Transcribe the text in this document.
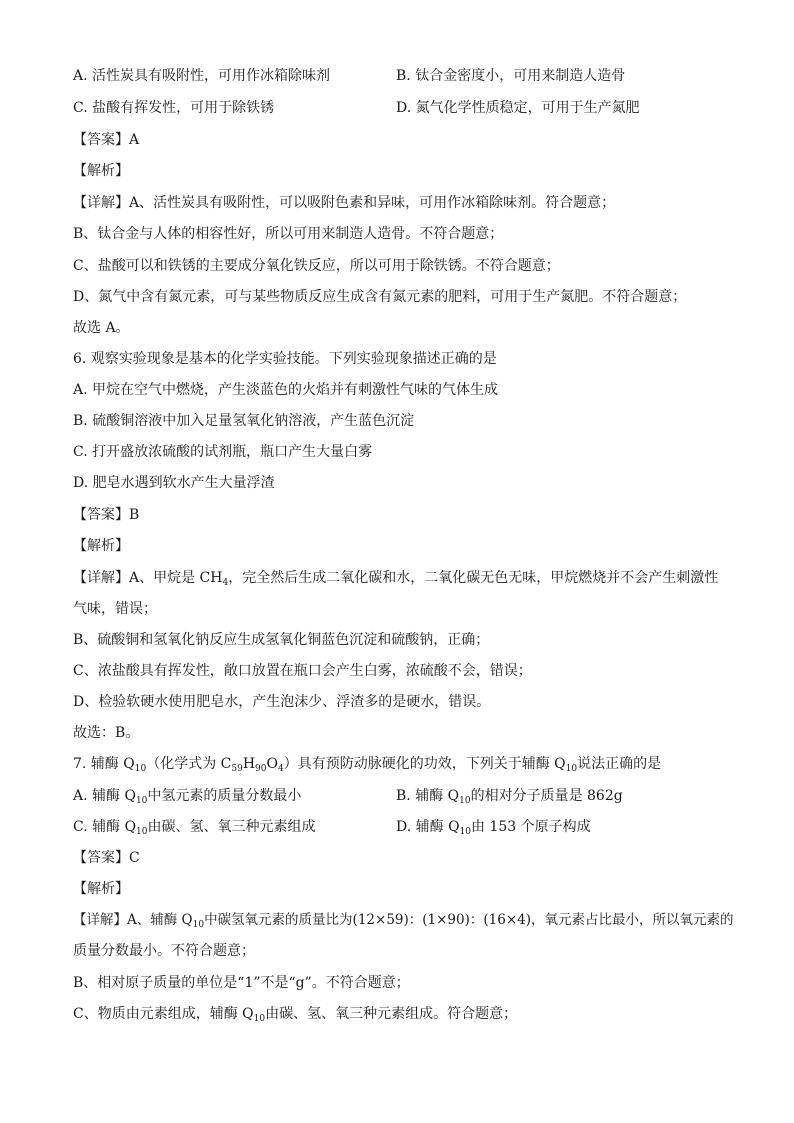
A. 活性炭具有吸附性，可用作冰箱除味剂	B. 钛合金密度小，可用来制造人造骨
C. 盐酸有挥发性，可用于除铁锈	D. 氮气化学性质稳定，可用于生产氮肥
【答案】A
【解析】
【详解】A、活性炭具有吸附性，可以吸附色素和异味，可用作冰箱除味剂。符合题意；
B、钛合金与人体的相容性好，所以可用来制造人造骨。不符合题意；
C、盐酸可以和铁锈的主要成分氧化铁反应，所以可用于除铁锈。不符合题意；
D、氮气中含有氮元素，可与某些物质反应生成含有氮元素的肥料，可用于生产氮肥。不符合题意；
故选 A。
6. 观察实验现象是基本的化学实验技能。下列实验现象描述正确的是
A. 甲烷在空气中燃烧，产生淡蓝色的火焰并有刺激性气味的气体生成
B. 硫酸铜溶液中加入足量氢氧化钠溶液，产生蓝色沉淀
C. 打开盛放浓硫酸的试剂瓶，瓶口产生大量白雾
D. 肥皂水遇到软水产生大量浮渣
【答案】B
【解析】
【详解】A、甲烷是 $CH_4$，完全然后生成二氧化碳和水，二氧化碳无色无味，甲烷燃烧并不会产生刺激性
气味，错误；
B、硫酸铜和氢氧化钠反应生成氢氧化铜蓝色沉淀和硫酸钠，正确；
C、浓盐酸具有挥发性，敞口放置在瓶口会产生白雾，浓硫酸不会，错误；
D、检验软硬水使用肥皂水，产生泡沫少、浮渣多的是硬水，错误。
故选：B。
7. 辅酶 $Q_{10}$（化学式为 $C_{59}H_{90}O_4$）具有预防动脉硬化的功效，下列关于辅酶 $Q_{10}$说法正确的是
A. 辅酶 $Q_{10}$中氢元素的质量分数最小	B. 辅酶 $Q_{10}$的相对分子质量是 862g
C. 辅酶 $Q_{10}$由碳、氢、氧三种元素组成	D. 辅酶 $Q_{10}$由 153 个原子构成
【答案】C
【解析】
【详解】A、辅酶 $Q_{10}$中碳氢氧元素的质量比为(12×59)：(1×90)：(16×4)，氧元素占比最小，所以氧元素的
质量分数最小。不符合题意；
B、相对原子质量的单位是“1”不是“g”。不符合题意；
C、物质由元素组成，辅酶 $Q_{10}$由碳、氢、氧三种元素组成。符合题意；
